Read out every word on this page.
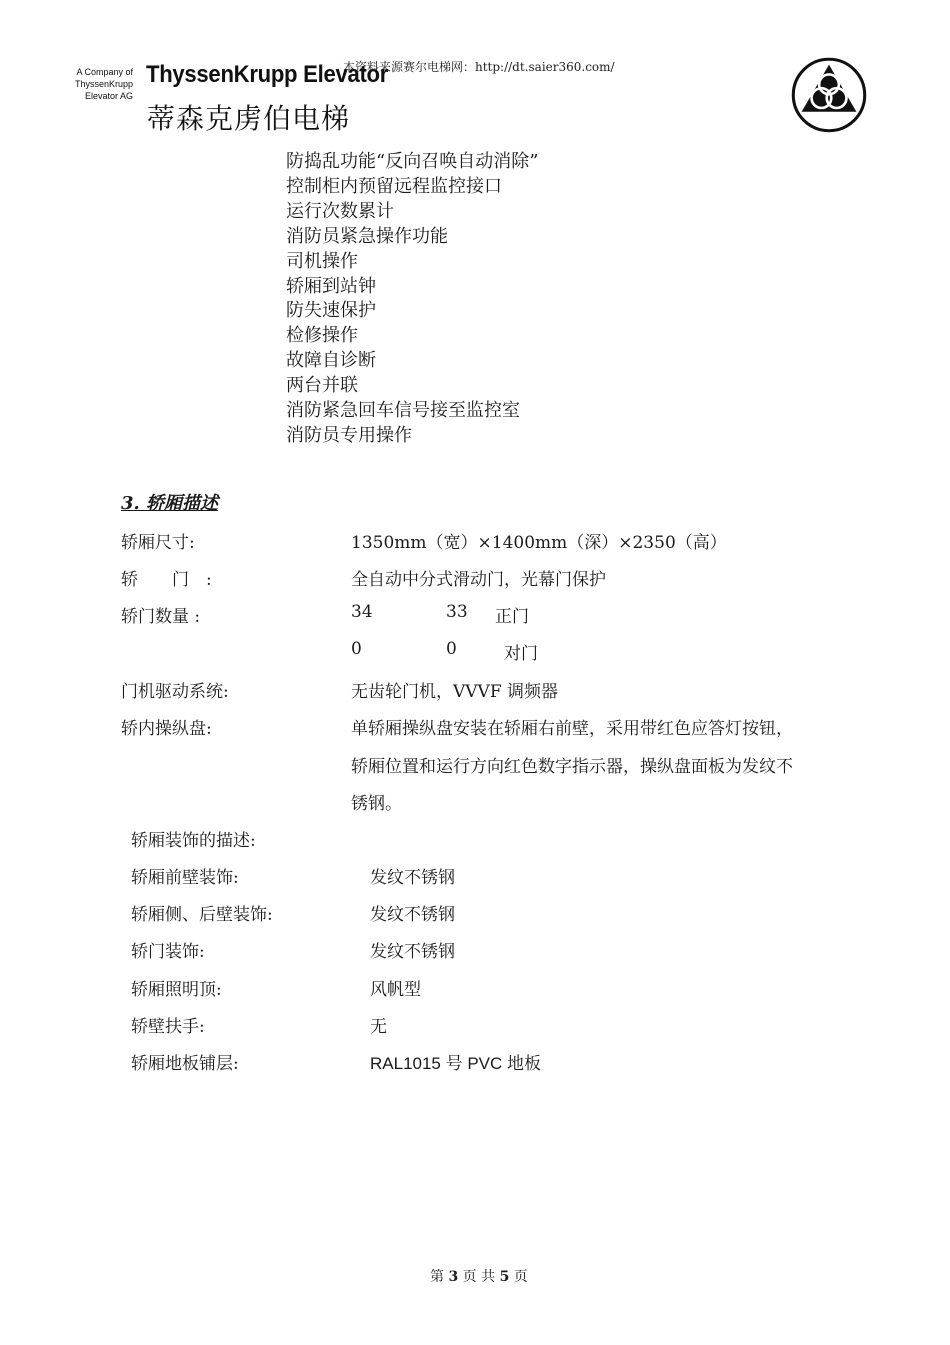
本资料来源赛尔电梯网：http://dt.saier360.com/
A Company of
ThyssenKrupp
Elevator AG
ThyssenKrupp Elevator
蒂森克虏伯电梯
防捣乱功能“反向召唤自动消除”
控制柜内预留远程监控接口
运行次数累计
消防员紧急操作功能
司机操作
轿厢到站钟
防失速保护
检修操作
故障自诊断
两台并联
消防紧急回车信号接至监控室
消防员专用操作
3. 轿厢描述
轿厢尺寸:	1350mm（宽）×1400mm（深）×2350（高）
轿　　门　:	全自动中分式滑动门，光幕门保护
轿门数量 :	34	33 正门
0	0	对门
门机驱动系统:	无齿轮门机，VVVF 调频器
轿内操纵盘:	单轿厢操纵盘安装在轿厢右前壁，采用带红色应答灯按钮，
轿厢位置和运行方向红色数字指示器，操纵盘面板为发纹不
锈钢。
轿厢装饰的描述:
轿厢前壁装饰:	发纹不锈钢
轿厢侧、后壁装饰:	发纹不锈钢
轿门装饰:	发纹不锈钢
轿厢照明顶:	风帆型
轿壁扶手:	无
轿厢地板铺层:	RAL1015 号 PVC 地板
第 3 页 共 5 页
